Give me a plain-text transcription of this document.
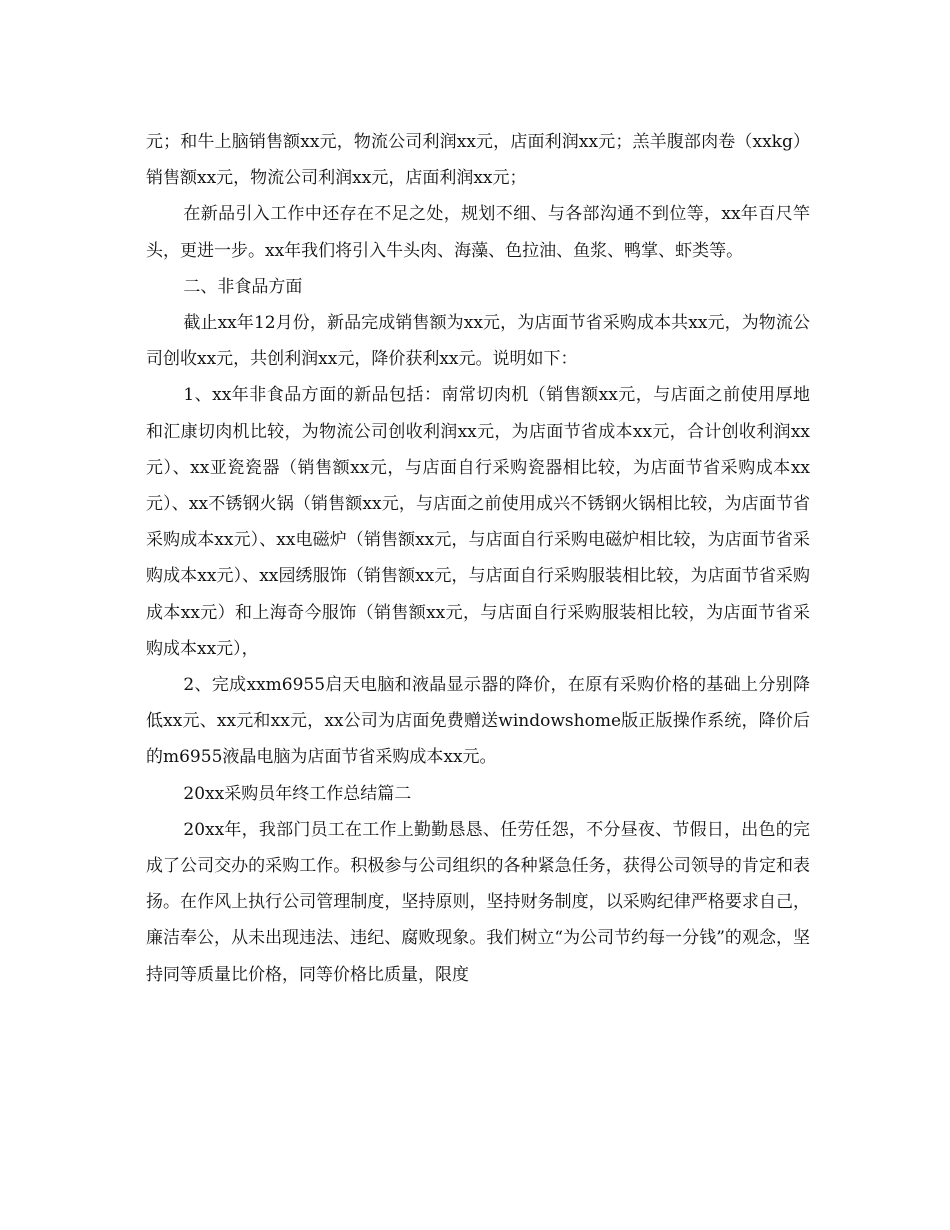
元；和牛上脑销售额xx元，物流公司利润xx元，店面利润xx元；羔羊腹部肉卷（xxkg）销售额xx元，物流公司利润xx元，店面利润xx元；

在新品引入工作中还存在不足之处，规划不细、与各部沟通不到位等，xx年百尺竿头，更进一步。xx年我们将引入牛头肉、海藻、色拉油、鱼浆、鸭掌、虾类等。

二、非食品方面

截止xx年12月份，新品完成销售额为xx元，为店面节省采购成本共xx元，为物流公司创收xx元，共创利润xx元，降价获利xx元。说明如下：

1、xx年非食品方面的新品包括：南常切肉机（销售额xx元，与店面之前使用厚地和汇康切肉机比较，为物流公司创收利润xx元，为店面节省成本xx元，合计创收利润xx元）、xx亚瓷瓷器（销售额xx元，与店面自行采购瓷器相比较，为店面节省采购成本xx元）、xx不锈钢火锅（销售额xx元，与店面之前使用成兴不锈钢火锅相比较，为店面节省采购成本xx元）、xx电磁炉（销售额xx元，与店面自行采购电磁炉相比较，为店面节省采购成本xx元）、xx园绣服饰（销售额xx元，与店面自行采购服装相比较，为店面节省采购成本xx元）和上海奇今服饰（销售额xx元，与店面自行采购服装相比较，为店面节省采购成本xx元），

2、完成xxm6955启天电脑和液晶显示器的降价，在原有采购价格的基础上分别降低xx元、xx元和xx元，xx公司为店面免费赠送windowshome版正版操作系统，降价后的m6955液晶电脑为店面节省采购成本xx元。

20xx采购员年终工作总结篇二

20xx年，我部门员工在工作上勤勤恳恳、任劳任怨，不分昼夜、节假日，出色的完成了公司交办的采购工作。积极参与公司组织的各种紧急任务，获得公司领导的肯定和表扬。在作风上执行公司管理制度，坚持原则，坚持财务制度，以采购纪律严格要求自己，廉洁奉公，从未出现违法、违纪、腐败现象。我们树立“为公司节约每一分钱”的观念，坚持同等质量比价格，同等价格比质量，限度
